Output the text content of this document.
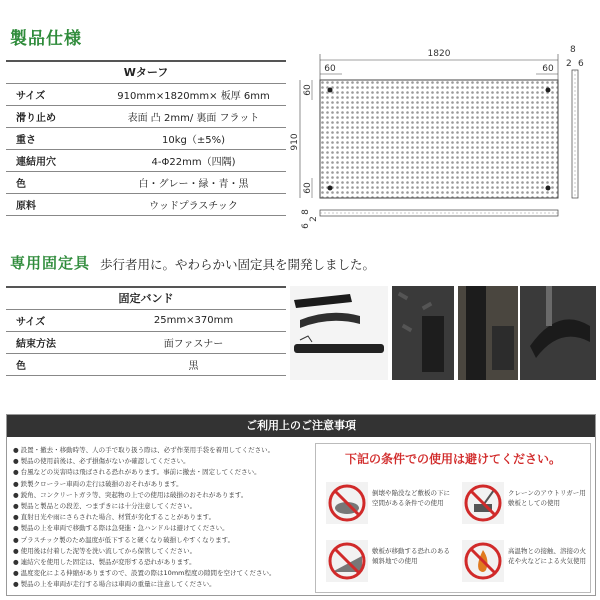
製品仕様
Wターフ	
サイズ	910mm×1820mm× 板厚 6mm
滑り止め	表面 凸 2mm/ 裏面 フラット
重さ	10kg（±5%)
連結用穴	4-Φ22mm（四隅)
色	白・グレー・緑・青・黒
原料	ウッドプラスチック
1820
60	60
910
60
60
8
2 6
8
6
2
専用固定具 歩行者用に。やわらかい固定具を開発しました。
固定バンド	
サイズ	25mm×370mm
結束方法	面ファスナー
色	黒
ご利用上のご注意事項
● 設置・撤去・移動時等、人の手で取り扱う際は、必ず作業用手袋を着用してください。
● 製品の使用前後は、必ず損傷がないか確認してください。
● 台風などの災害時は飛ばされる恐れがあります。事前に撤去・固定してください。
● 鉄製クローラー車両の走行は破損のおそれがあります。
● 鋭角、コンクリートガラ等、突起物の上での使用は破損のおそれがあります。
● 製品と製品との段差、つまずきには十分注意してください。
● 直射日光や雨にさらされた場合、材質が劣化することがあります。
● 製品の上を車両で移動する際は急発進・急ハンドルは避けてください。
● プラスチック製のため温度が低下すると硬くなり破損しやすくなります。
● 使用後は付着した泥等を洗い流してから保管してください。
● 連結穴を使用した固定は、製品が変形する恐れがあります。
● 温度変化による伸縮がありますので、設置の際は10mm程度の隙間を空けてください。
● 製品の上を車両が走行する場合は車両の重量に注意してください。
下記の条件での使用は避けてください。
倒壊や陥没など敷板の下に空間がある条件での使用
クレーンのアウトリガー用敷板としての使用
敷板が移動する恐れのある傾斜地での使用
高温物との接触、溶接の火花や火などによる火気使用
